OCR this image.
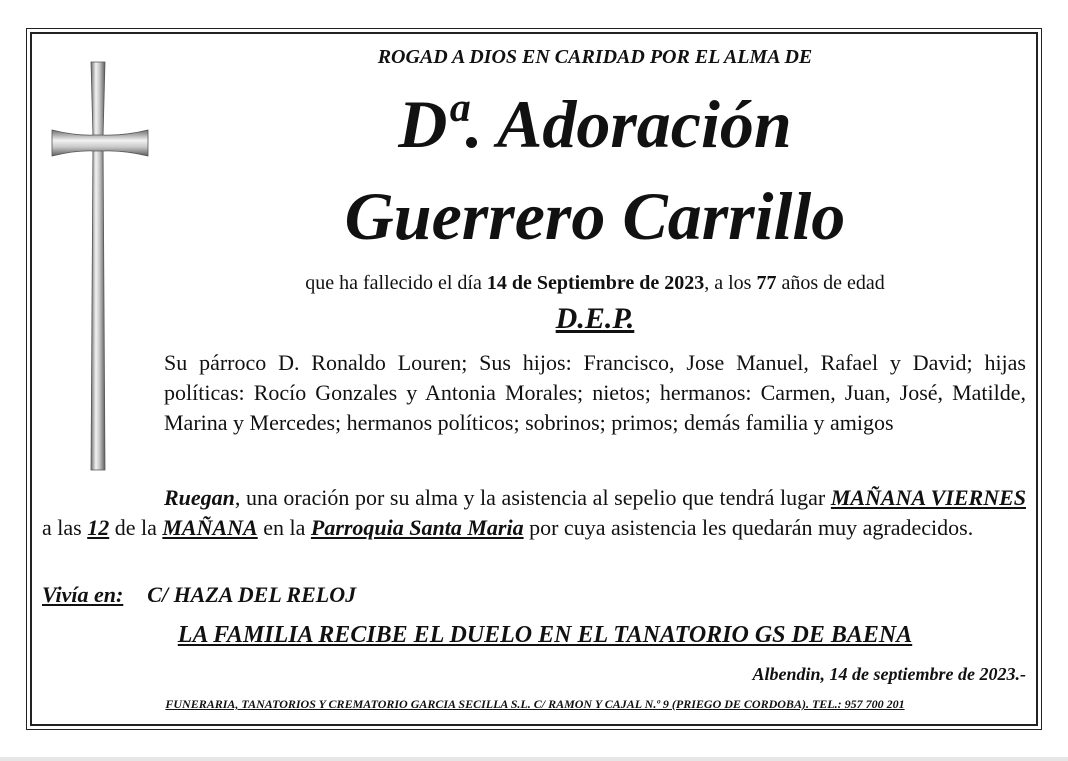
ROGAD A DIOS EN CARIDAD POR EL ALMA DE

Dª. Adoración

Guerrero Carrillo

que ha fallecido el día 14 de Septiembre de 2023, a los 77 años de edad

D.E.P.

Su párroco D. Ronaldo Louren; Sus hijos: Francisco, Jose Manuel, Rafael y David; hijas políticas: Rocío Gonzales y Antonia Morales; nietos; hermanos: Carmen, Juan, José, Matilde, Marina y Mercedes; hermanos políticos; sobrinos; primos; demás familia y amigos

Ruegan, una oración por su alma y la asistencia al sepelio que tendrá lugar MAÑANA VIERNES a las 12 de la MAÑANA en la Parroquia Santa Maria por cuya asistencia les quedarán muy agradecidos.

Vivía en: C/ HAZA DEL RELOJ

LA FAMILIA RECIBE EL DUELO EN EL TANATORIO GS DE BAENA

Albendin, 14 de septiembre de 2023.-

FUNERARIA, TANATORIOS Y CREMATORIO GARCIA SECILLA S.L. C/ RAMON Y CAJAL N.º 9 (PRIEGO DE CORDOBA). TEL.: 957 700 201
